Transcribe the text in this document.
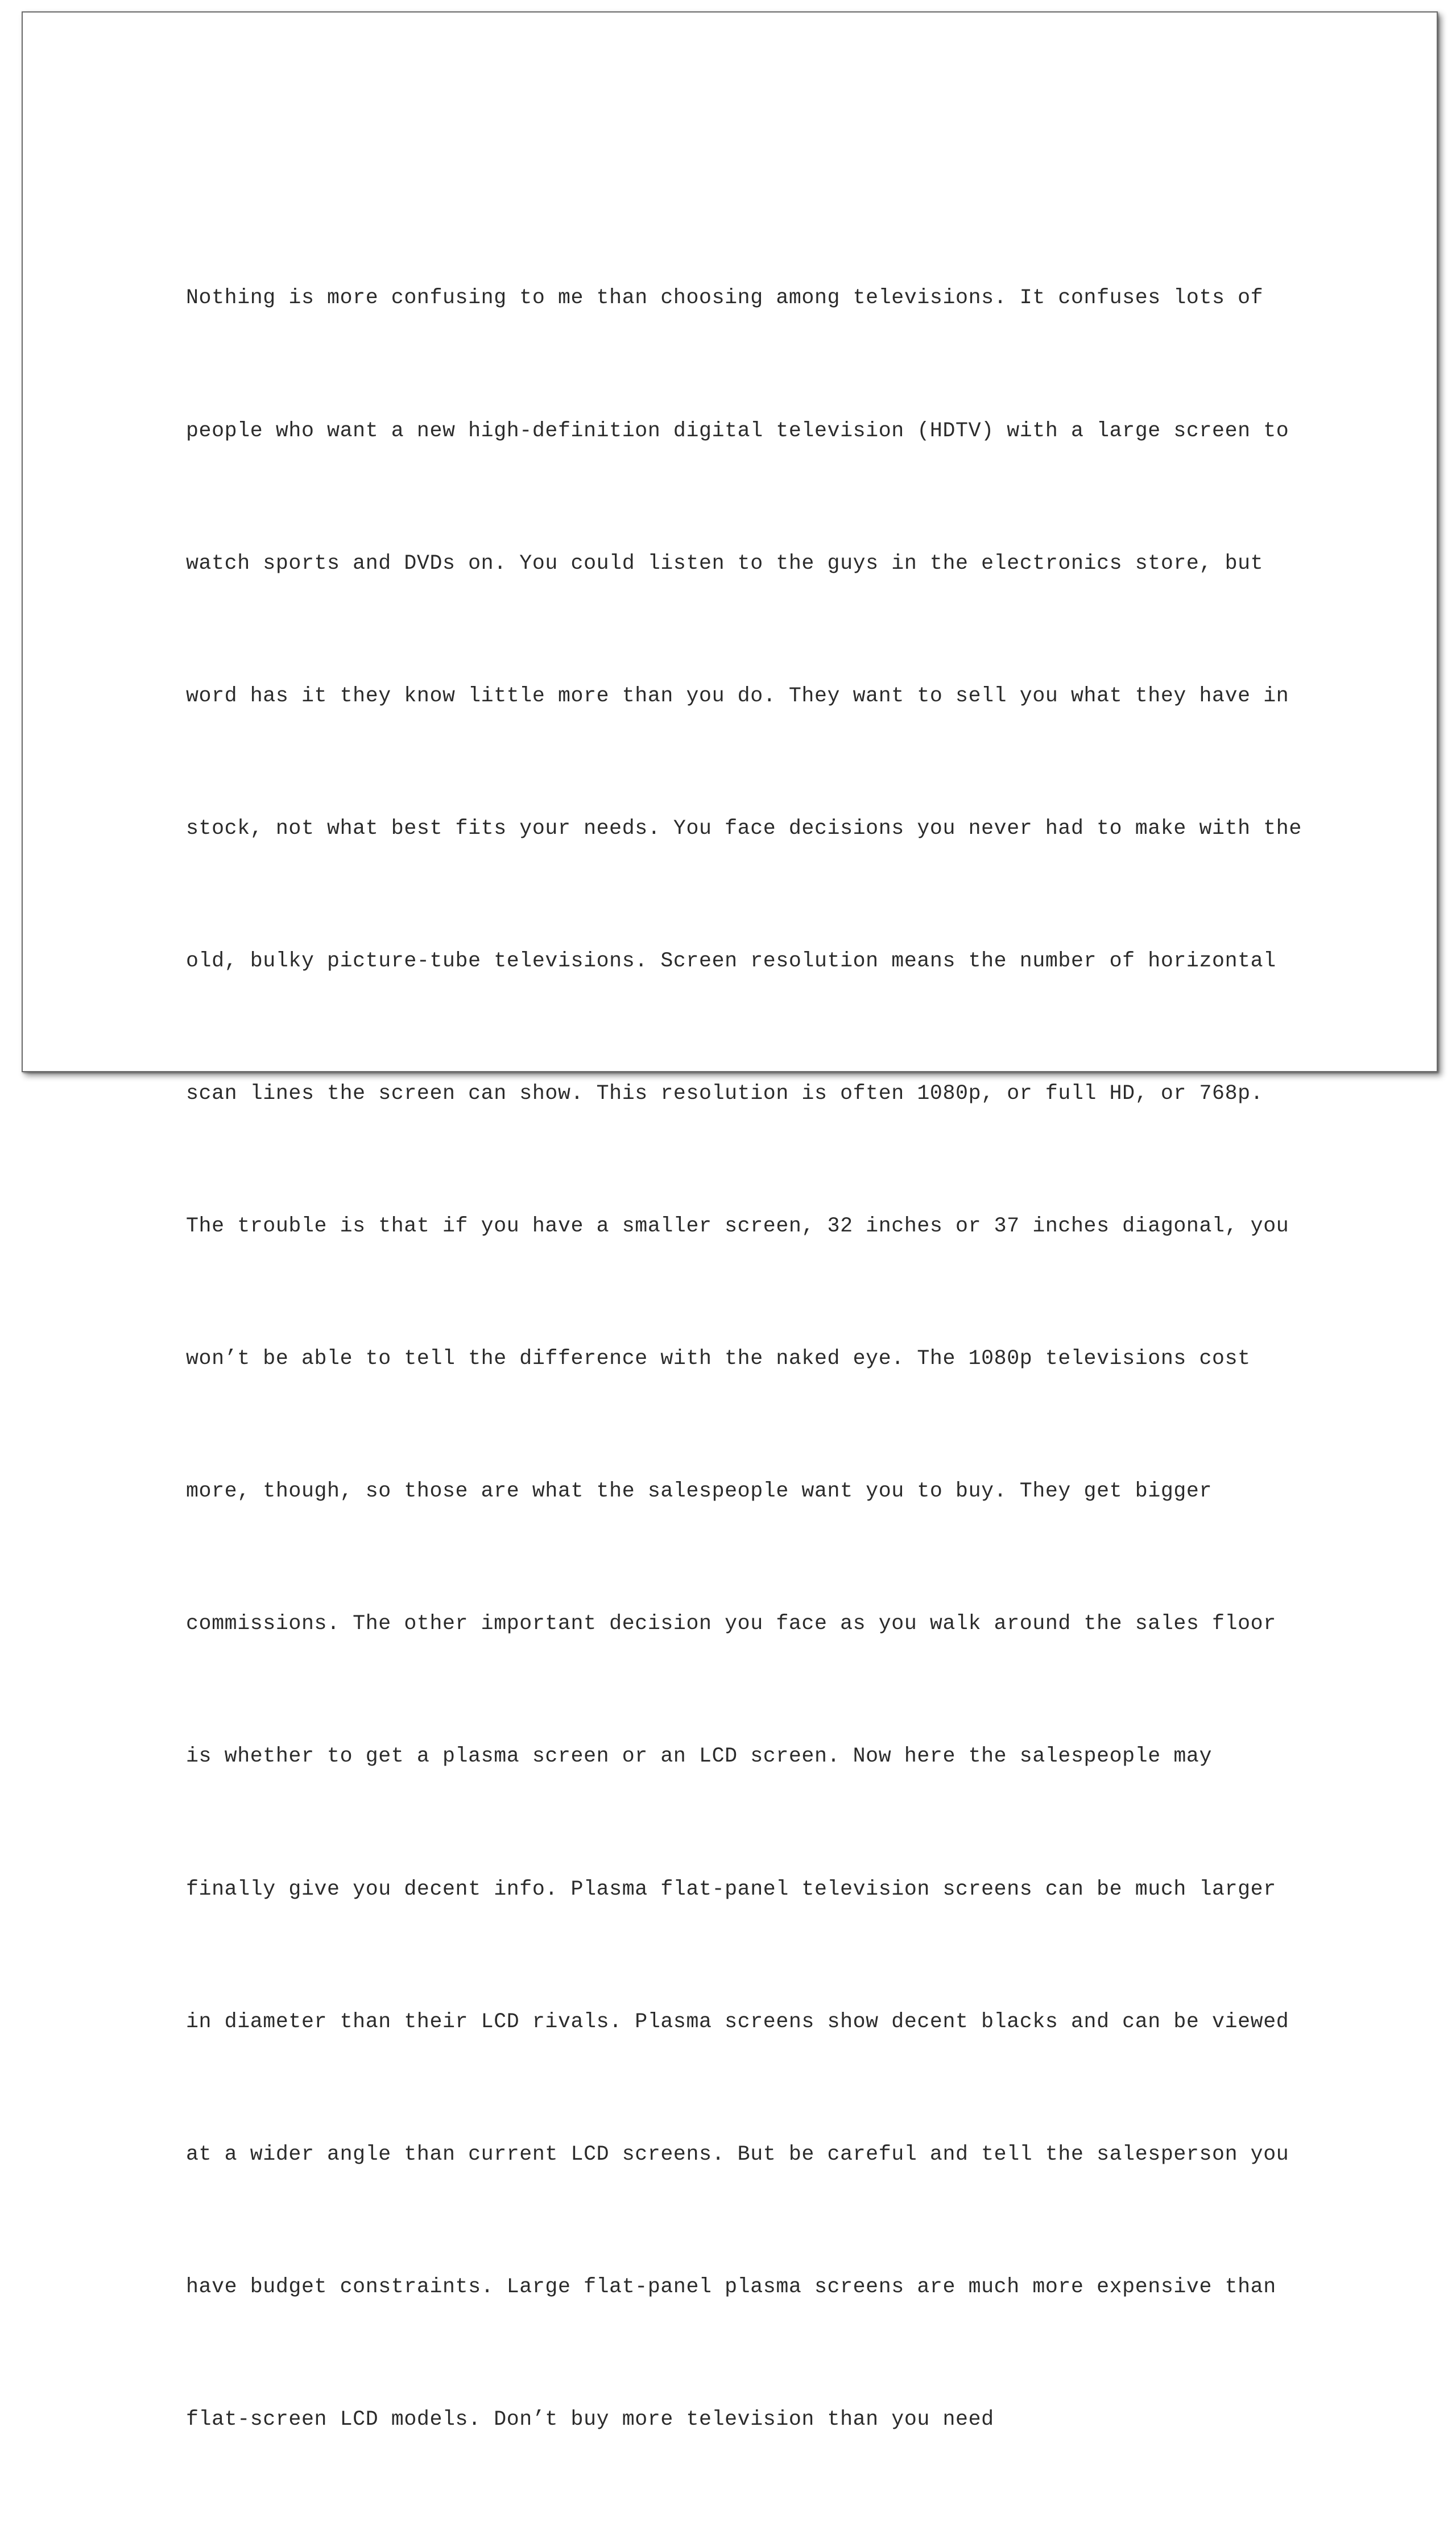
Nothing is more confusing to me than choosing among televisions. It confuses lots of

people who want a new high-definition digital television (HDTV) with a large screen to

watch sports and DVDs on. You could listen to the guys in the electronics store, but

word has it they know little more than you do. They want to sell you what they have in

stock, not what best fits your needs. You face decisions you never had to make with the

old, bulky picture-tube televisions. Screen resolution means the number of horizontal

scan lines the screen can show. This resolution is often 1080p, or full HD, or 768p.

The trouble is that if you have a smaller screen, 32 inches or 37 inches diagonal, you

won’t be able to tell the difference with the naked eye. The 1080p televisions cost

more, though, so those are what the salespeople want you to buy. They get bigger

commissions. The other important decision you face as you walk around the sales floor

is whether to get a plasma screen or an LCD screen. Now here the salespeople may

finally give you decent info. Plasma flat-panel television screens can be much larger

in diameter than their LCD rivals. Plasma screens show decent blacks and can be viewed

at a wider angle than current LCD screens. But be careful and tell the salesperson you

have budget constraints. Large flat-panel plasma screens are much more expensive than

flat-screen LCD models. Don’t buy more television than you need
